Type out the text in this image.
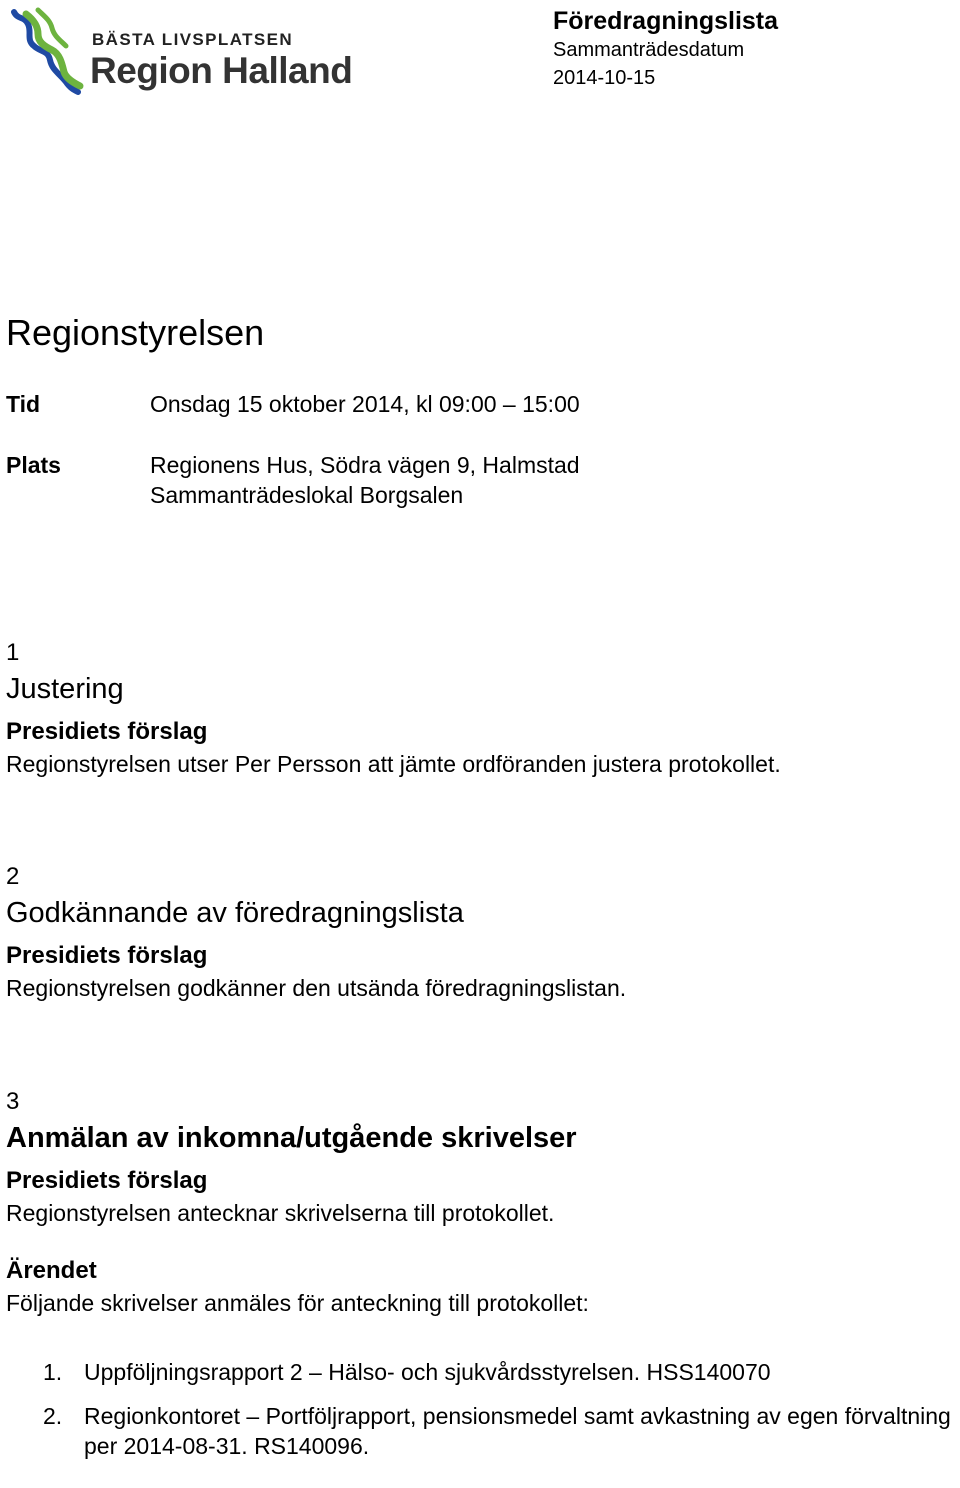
BÄSTA LIVSPLATSEN
Region Halland
Föredragningslista
Sammanträdesdatum
2014-10-15
Regionstyrelsen
Tid	Onsdag 15 oktober 2014, kl 09:00 – 15:00
Plats	Regionens Hus, Södra vägen 9, Halmstad
Sammanträdeslokal Borgsalen
1
Justering
Presidiets förslag
Regionstyrelsen utser Per Persson att jämte ordföranden justera protokollet.
2
Godkännande av föredragningslista
Presidiets förslag
Regionstyrelsen godkänner den utsända föredragningslistan.
3
Anmälan av inkomna/utgående skrivelser
Presidiets förslag
Regionstyrelsen antecknar skrivelserna till protokollet.
Ärendet
Följande skrivelser anmäles för anteckning till protokollet:
1. Uppföljningsrapport 2 – Hälso- och sjukvårdsstyrelsen. HSS140070
2. Regionkontoret – Portföljrapport, pensionsmedel samt avkastning av egen förvaltning per 2014-08-31. RS140096.
